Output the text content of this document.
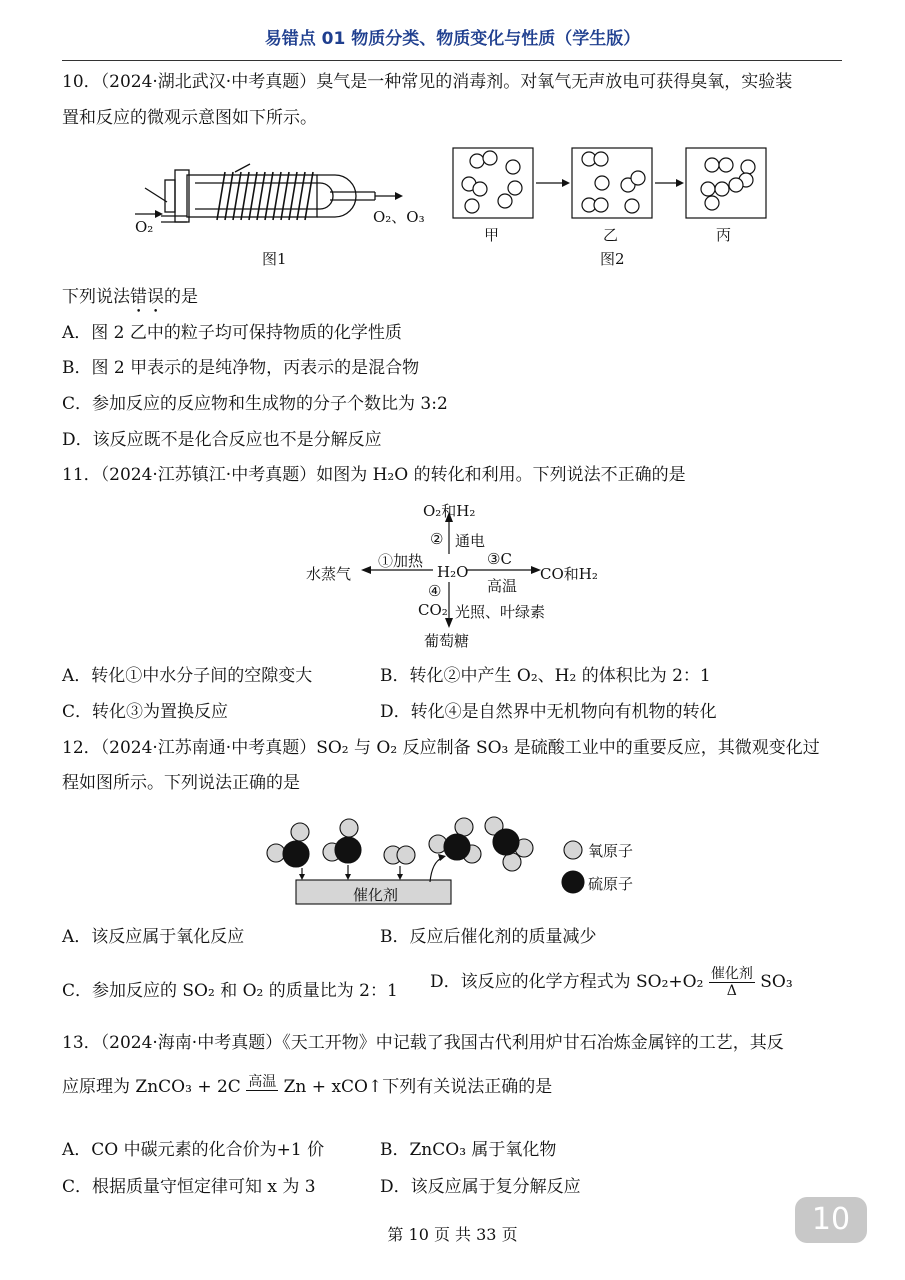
易错点 01 物质分类、物质变化与性质（学生版）
10．（2024·湖北武汉·中考真题）臭气是一种常见的消毒剂。对氧气无声放电可获得臭氧，实验装
置和反应的微观示意图如下所示。
O₂
O₂、O₃
图1
甲	乙	丙
图2
下列说法错误的是
A．图 2 乙中的粒子均可保持物质的化学性质
B．图 2 甲表示的是纯净物，丙表示的是混合物
C．参加反应的反应物和生成物的分子个数比为 3:2
D．该反应既不是化合反应也不是分解反应
11．（2024·江苏镇江·中考真题）如图为 H₂O 的转化和利用。下列说法不正确的是
O₂和H₂
② 通电
①加热
水蒸气	H₂O
③C
高温
CO和H₂
④
CO₂ 光照、叶绿素
葡萄糖
A．转化①中水分子间的空隙变大	B．转化②中产生 O₂、H₂ 的体积比为 2：1
C．转化③为置换反应	D．转化④是自然界中无机物向有机物的转化
12．（2024·江苏南通·中考真题）SO₂ 与 O₂ 反应制备 SO₃ 是硫酸工业中的重要反应，其微观变化过
程如图所示。下列说法正确的是
催化剂
氧原子
硫原子
A．该反应属于氧化反应	B．反应后催化剂的质量减少
C．参加反应的 SO₂ 和 O₂ 的质量比为 2：1 D．该反应的化学方程式为 $SO_2+O_2 \frac{\text{催化剂}}{\Delta} SO_3$
13．（2024·海南·中考真题）《天工开物》中记载了我国古代利用炉甘石冶炼金属锌的工艺，其反
应原理为 ZnCO₃ + 2C 高温 Zn + xCO↑下列有关说法正确的是
A．CO 中碳元素的化合价为+1 价	B．ZnCO₃ 属于氧化物
C．根据质量守恒定律可知 x 为 3	D．该反应属于复分解反应
第 10 页 共 33 页	10
